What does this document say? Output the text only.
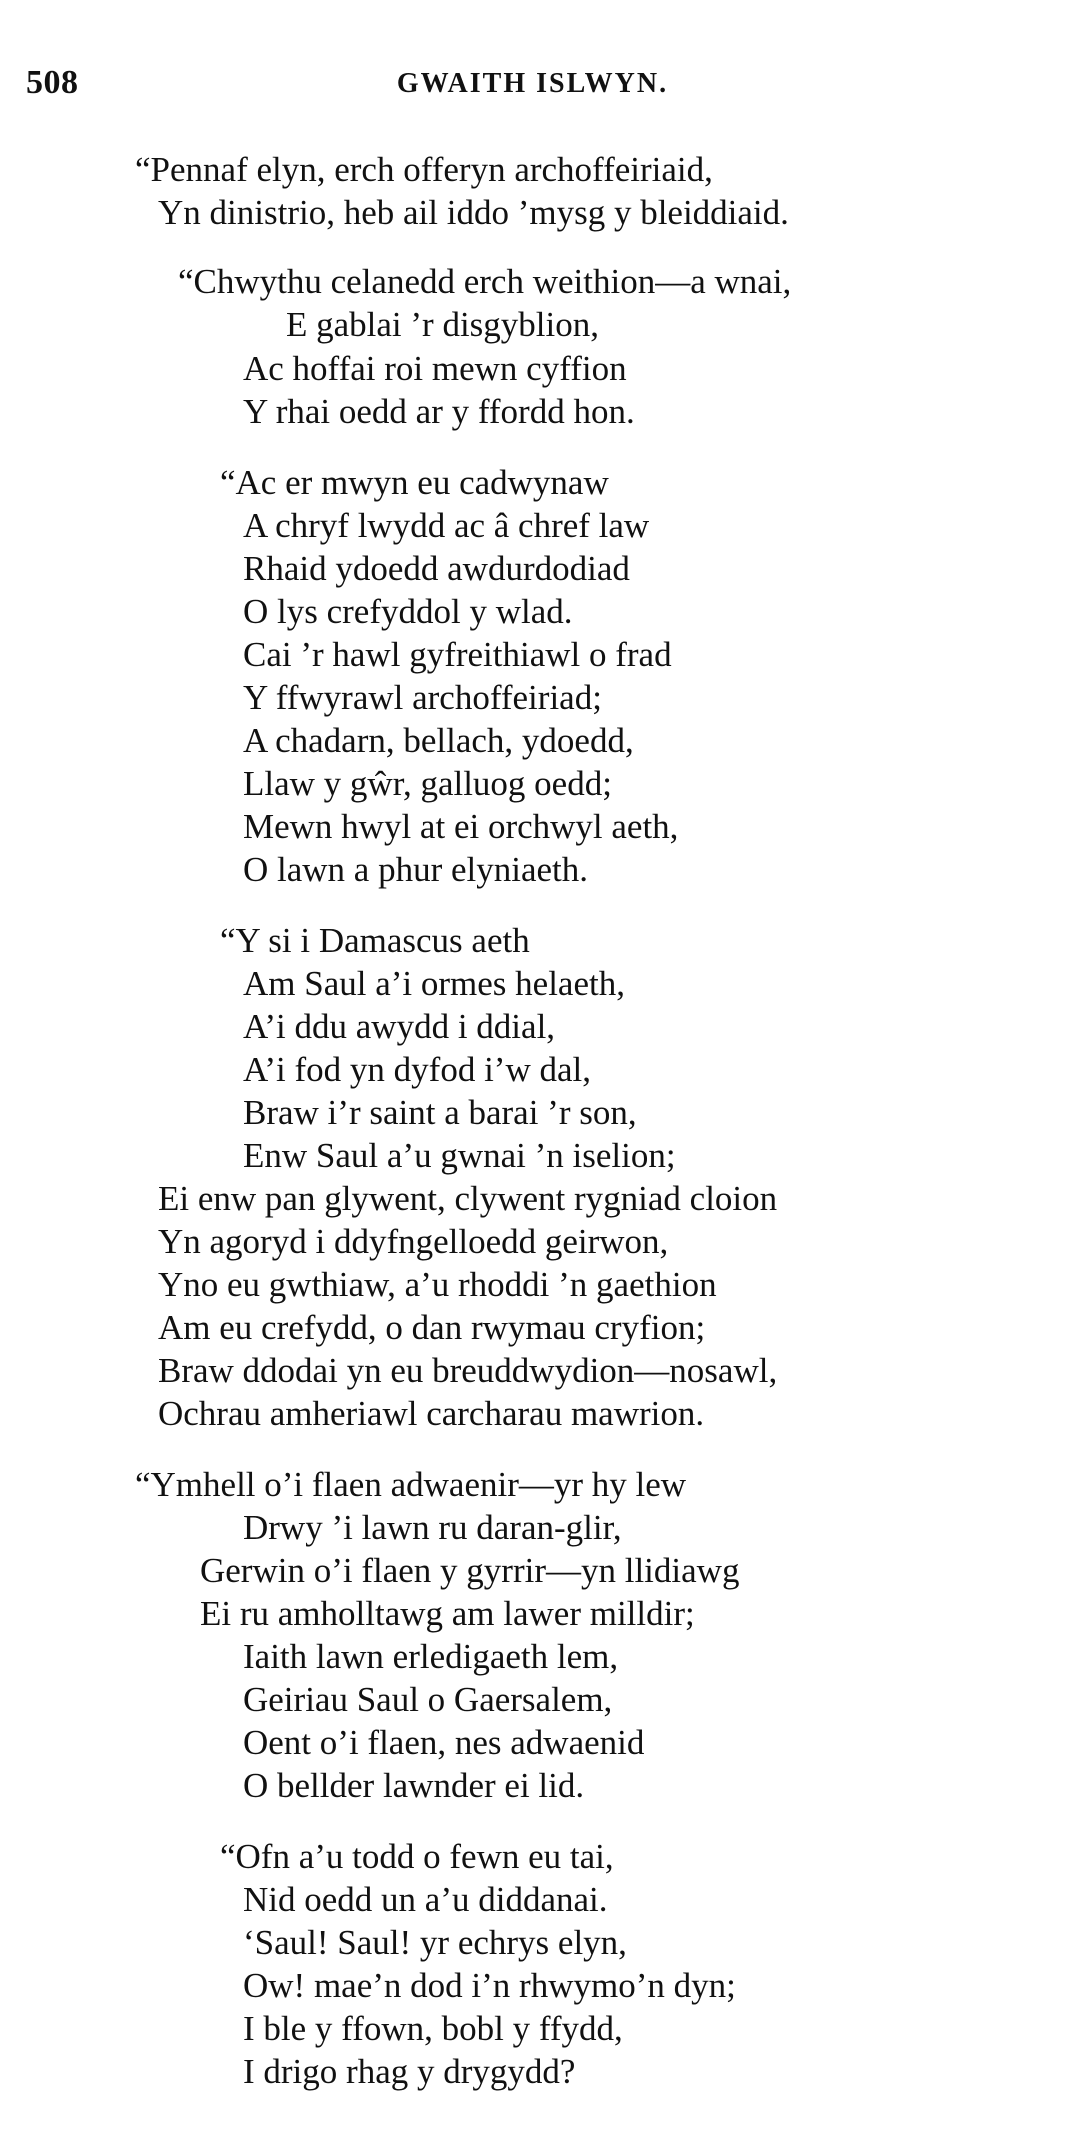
508	GWAITH ISLWYN.
“Pennaf elyn, erch offeryn archoffeiriaid,
Yn dinistrio, heb ail iddo ’mysg y bleiddiaid.
“Chwythu celanedd erch weithion—a wnai,
E gablai ’r disgyblion,
Ac hoffai roi mewn cyffion
Y rhai oedd ar y ffordd hon.
“Ac er mwyn eu cadwynaw
A chryf lwydd ac â chref law
Rhaid ydoedd awdurdodiad
O lys crefyddol y wlad.
Cai ’r hawl gyfreithiawl o frad
Y ffwyrawl archoffeiriad;
A chadarn, bellach, ydoedd,
Llaw y gŵr, galluog oedd;
Mewn hwyl at ei orchwyl aeth,
O lawn a phur elyniaeth.
“Y si i Damascus aeth
Am Saul a’i ormes helaeth,
A’i ddu awydd i ddial,
A’i fod yn dyfod i’w dal,
Braw i’r saint a barai ’r son,
Enw Saul a’u gwnai ’n iselion;
Ei enw pan glywent, clywent rygniad cloion
Yn agoryd i ddyfngelloedd geirwon,
Yno eu gwthiaw, a’u rhoddi ’n gaethion
Am eu crefydd, o dan rwymau cryfion;
Braw ddodai yn eu breuddwydion—nosawl,
Ochrau amheriawl carcharau mawrion.
“Ymhell o’i flaen adwaenir—yr hy lew
Drwy ’i lawn ru daran-glir,
Gerwin o’i flaen y gyrrir—yn llidiawg
Ei ru amholltawg am lawer milldir;
Iaith lawn erledigaeth lem,
Geiriau Saul o Gaersalem,
Oent o’i flaen, nes adwaenid
O bellder lawnder ei lid.
“Ofn a’u todd o fewn eu tai,
Nid oedd un a’u diddanai.
‘Saul! Saul! yr echrys elyn,
Ow! mae’n dod i’n rhwymo’n dyn;
I ble y ffown, bobl y ffydd,
I drigo rhag y drygydd?
